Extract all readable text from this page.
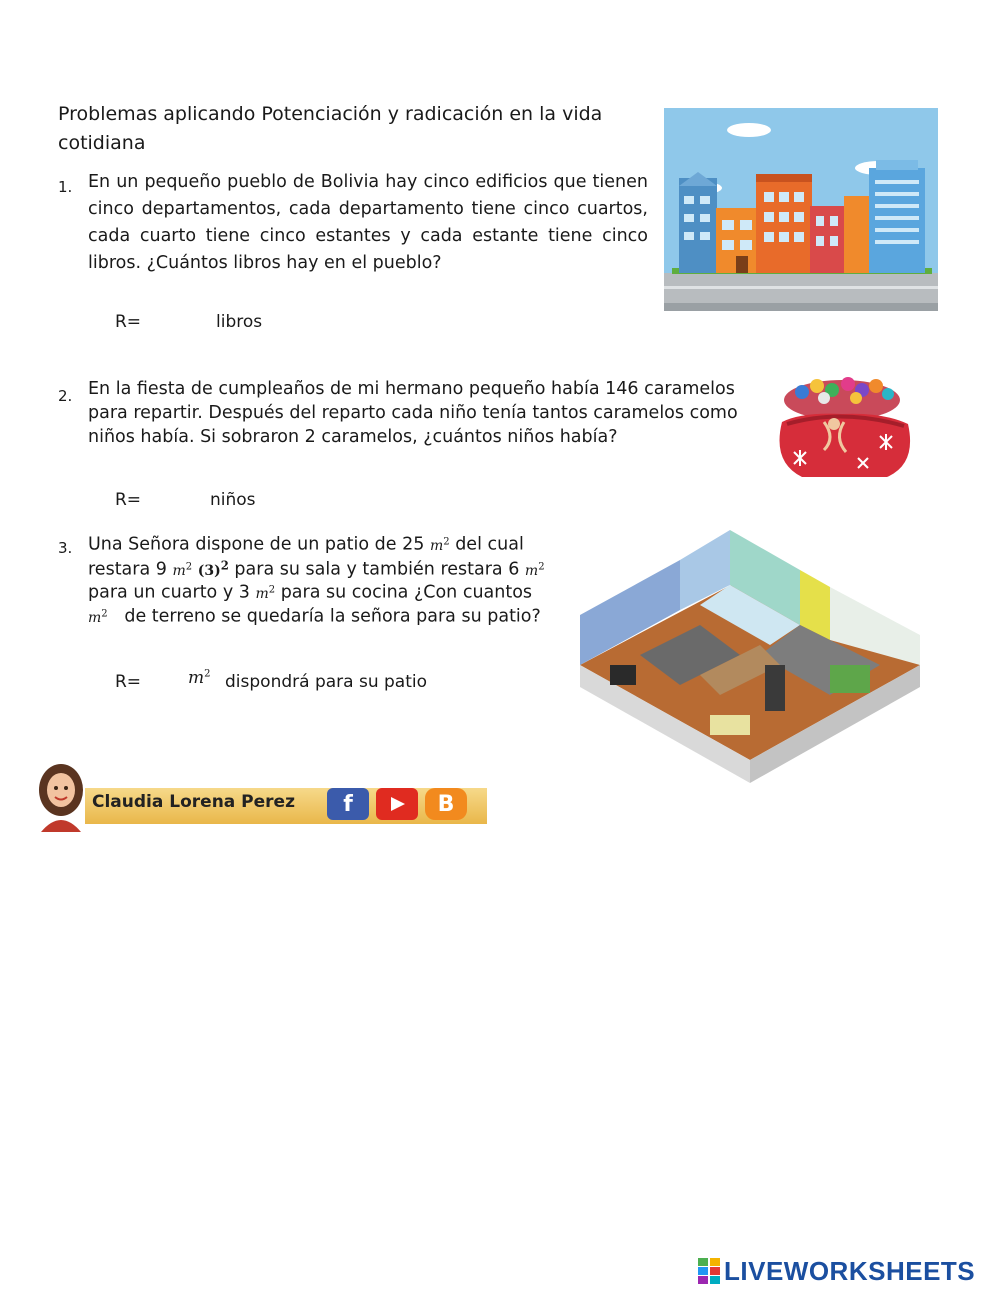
Problemas aplicando Potenciación y radicación en la vida cotidiana
1. En un pequeño pueblo de Bolivia hay cinco edificios que tienen cinco departamentos, cada departamento tiene cinco cuartos, cada cuarto tiene cinco estantes y cada estante tiene cinco libros. ¿Cuántos libros hay en el pueblo?
R=	libros
2. En la fiesta de cumpleaños de mi hermano pequeño había 146 caramelos
para repartir. Después del reparto cada niño tenía tantos caramelos como
niños había. Si sobraron 2 caramelos, ¿cuántos niños había?
R=	niños
3. Una Señora dispone de un patio de 25 $m^2$ del cual
restara 9 $m^2$ $(3)^2$ para su sala y también restara 6 $m^2$
para un cuarto y 3 $m^2$ para su cocina ¿Con cuantos
$m^2$ de terreno se quedaría la señora para su patio?
R=	$m^2$ dispondrá para su patio
Claudia Lorena Perez	f	B
LIVEWORKSHEETS
